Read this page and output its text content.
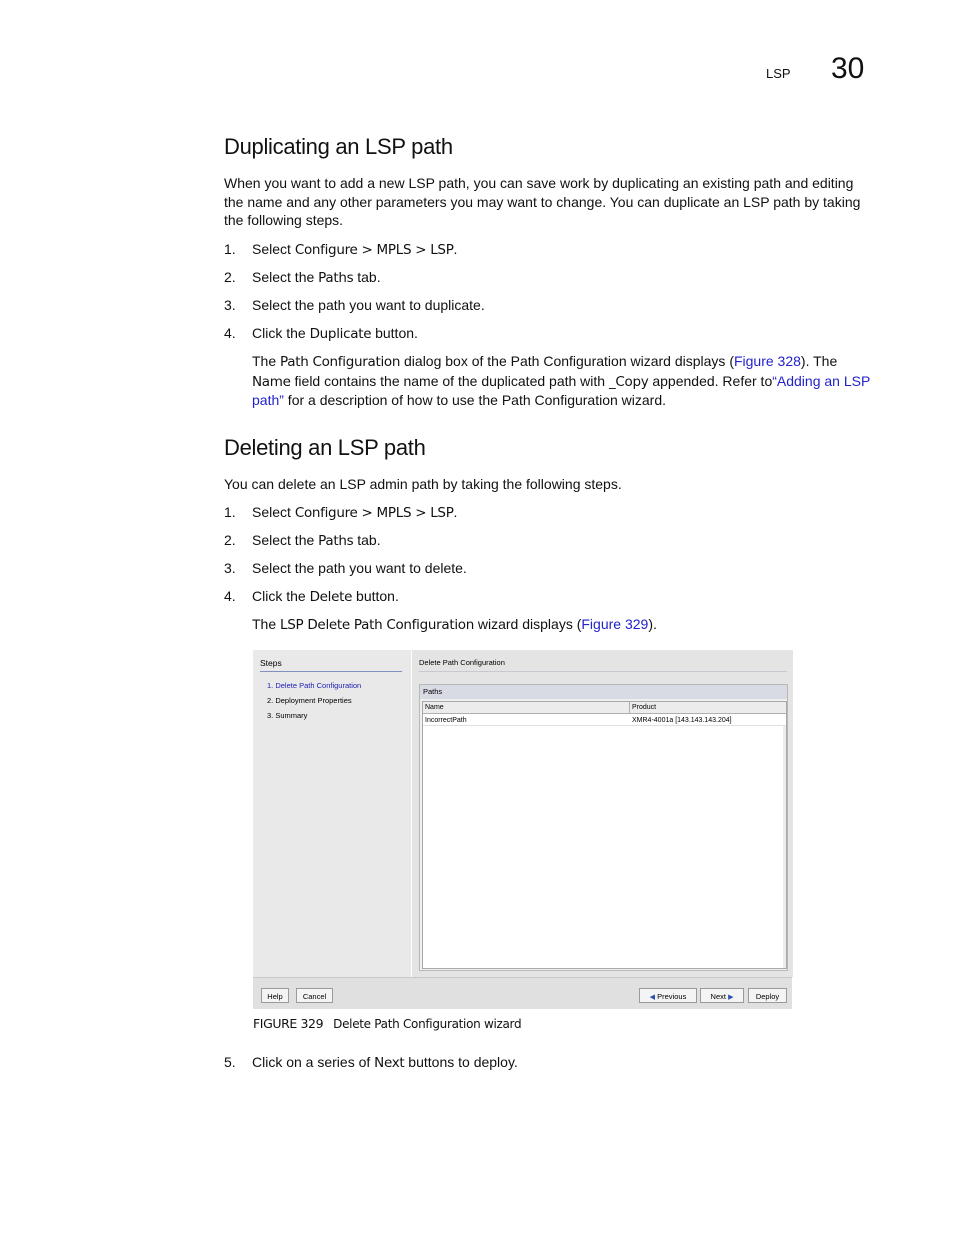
LSP 30
Duplicating an LSP path

When you want to add a new LSP path, you can save work by duplicating an existing path and editing the name and any other parameters you may want to change. You can duplicate an LSP path by taking the following steps.

1. Select Configure > MPLS > LSP.
2. Select the Paths tab.
3. Select the path you want to duplicate.
4. Click the Duplicate button.

The Path Configuration dialog box of the Path Configuration wizard displays (Figure 328). The Name field contains the name of the duplicated path with _Copy appended. Refer to“Adding an LSP path” for a description of how to use the Path Configuration wizard.

Deleting an LSP path

You can delete an LSP admin path by taking the following steps.

1. Select Configure > MPLS > LSP.
2. Select the Paths tab.
3. Select the path you want to delete.
4. Click the Delete button.

The LSP Delete Path Configuration wizard displays (Figure 329).

Steps
1. Delete Path Configuration
2. Deployment Properties
3. Summary
Delete Path Configuration
Paths
Name	Product
IncorrectPath	XMR4-4001a [143.143.143.204]
Help	Cancel	◀ Previous	Next ▶	Deploy
FIGURE 329 Delete Path Configuration wizard
5. Click on a series of Next buttons to deploy.
